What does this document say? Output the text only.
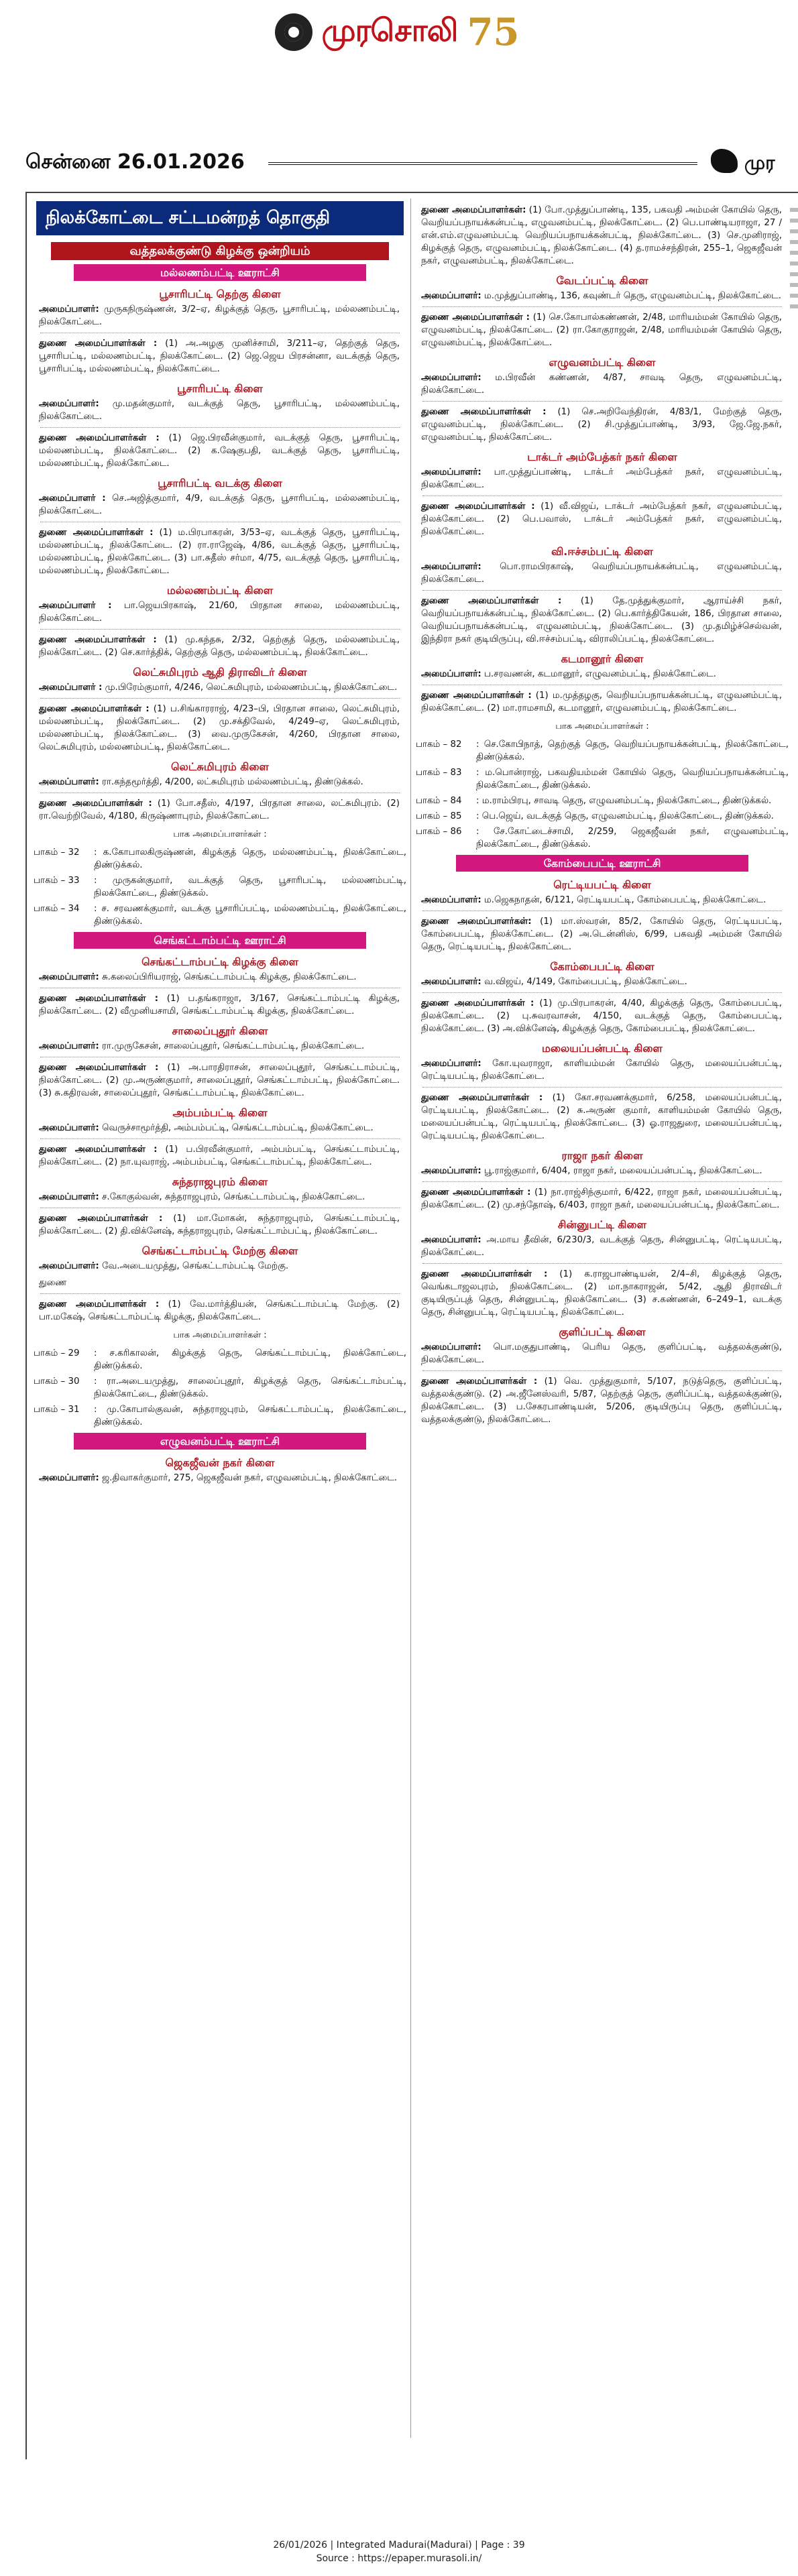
முரசொலி 75
சென்னை 26.01.2026	முர
நிலக்கோட்டை சட்டமன்றத் தொகுதி
வத்தலக்குண்டு கிழக்கு ஒன்றியம்
மல்லணம்பட்டி ஊராட்சி
பூசாரிபட்டி தெற்கு கிளை
அமைப்பாளர்: முருகநிருஷ்ணன், 3/2–ஏ, கிழக்குத் தெரு, பூசாரிபட்டி, மல்லணம்பட்டி, நிலக்கோட்டை.
துணை அமைப்பாளர்கள் : (1) அ.அழகு முனிச்சாமி, 3/211–ஏ, தெற்குத் தெரு, பூசாரிபட்டி, மல்லணம்பட்டி, நிலக்கோட்டை. (2) ஜெ.ஜெய பிரசன்னா, வடக்குத் தெரு, பூசாரிபட்டி, மல்லணம்பட்டி, நிலக்கோட்டை.
பூசாரிபட்டி கிளை
அமைப்பாளர்: மு.மதன்குமார், வடக்குத் தெரு, பூசாரிபட்டி, மல்லணம்பட்டி, நிலக்கோட்டை.
துணை அமைப்பாளர்கள் : (1) ஜெ.பிரவீன்குமார், வடக்குத் தெரு, பூசாரிபட்டி, மல்லணம்பட்டி, நிலக்கோட்டை. (2) க.ஷேகுபதி, வடக்குத் தெரு, பூசாரிபட்டி, மல்லணம்பட்டி, நிலக்கோட்டை.
பூசாரிபட்டி வடக்கு கிளை
அமைப்பாளர் : செ.அஜித்குமார், 4/9, வடக்குத் தெரு, பூசாரிபட்டி, மல்லணம்பட்டி, நிலக்கோட்டை.
துணை அமைப்பாளர்கள் : (1) ம.பிரபாகரன், 3/53–ஏ, வடக்குத் தெரு, பூசாரிபட்டி, மல்லணம்பட்டி, நிலக்கோட்டை. (2) ரா.ராஜேஷ், 4/86, வடக்குத் தெரு, பூசாரிபட்டி, மல்லணம்பட்டி, நிலக்கோட்டை. (3) பா.சுதீஸ் சர்மா, 4/75, வடக்குத் தெரு, பூசாரிபட்டி, மல்லணம்பட்டி, நிலக்கோட்டை.
மல்லணம்பட்டி கிளை
அமைப்பாளர் : பா.ஜெயபிரகாஷ், 21/60, பிரதான சாலை, மல்லணம்பட்டி, நிலக்கோட்டை.
துணை அமைப்பாளர்கள் : (1) மு.கந்தசு, 2/32, தெற்குத் தெரு, மல்லணம்பட்டி, நிலக்கோட்டை. (2) செ.கார்த்திக், தெற்குத் தெரு, மல்லணம்பட்டி, நிலக்கோட்டை.
லெட்சுமிபுரம் ஆதி திராவிடர் கிளை
அமைப்பாளர் : மு.பிரேம்குமார், 4/246, லெட்சுமிபுரம், மல்லணம்பட்டி, நிலக்கோட்டை.
துணை அமைப்பாளர்கள் : (1) ப.சிங்காரராஜ், 4/23–பி, பிரதான சாலை, லெட்சுமிபுரம், மல்லணம்பட்டி, நிலக்கோட்டை. (2) மு.சக்திவேல், 4/249–ஏ, லெட்சுமிபுரம், மல்லணம்பட்டி, நிலக்கோட்டை. (3) வை.முருகேசன், 4/260, பிரதான சாலை, லெட்சுமிபுரம், மல்லணம்பட்டி, நிலக்கோட்டை.
லெட்சுமிபுரம் கிளை
அமைப்பாளர்: ரா.கந்தமூர்த்தி, 4/200, லட்சுமிபுரம் மல்லணம்பட்டி, திண்டுக்கல்.
துணை அமைப்பாளர்கள் : (1) போ.சதீஸ், 4/197, பிரதான சாலை, லட்சுமிபுரம். (2) ரா.வெற்றிவேல், 4/180, கிருஷ்ணாபுரம், நிலக்கோட்டை.
பாக அமைப்பாளர்கள் :
பாகம் – 32	: க.கோபாலகிருஷ்ணன், கிழக்குத் தெரு, மல்லணம்பட்டி, நிலக்கோட்டை, திண்டுக்கல்.
பாகம் – 33	: முருகன்குமார், வடக்குத் தெரு, பூசாரிபட்டி, மல்லணம்பட்டி, நிலக்கோட்டை, திண்டுக்கல்.
பாகம் – 34	: ச. சரவணக்குமார், வடக்கு பூசாரிப்பட்டி, மல்லணம்பட்டி, நிலக்கோட்டை, திண்டுக்கல்.
செங்கட்டாம்பட்டி ஊராட்சி
செங்கட்டாம்பட்டி கிழக்கு கிளை
அமைப்பாளர்: சு.கலைப்பிரியராஜ், செங்கட்டாம்பட்டி கிழக்கு, நிலக்கோட்டை.
துணை அமைப்பாளர்கள் : (1) ப.தங்கராஜா, 3/167, செங்கட்டாம்பட்டி கிழக்கு, நிலக்கோட்டை. (2) வீமுனியசாமி, செங்கட்டாம்பட்டி கிழக்கு, நிலக்கோட்டை.
சாலைப்புதூர் கிளை
அமைப்பாளர்: ரா.முருகேசன், சாலைப்புதூர், செங்கட்டாம்பட்டி, நிலக்கோட்டை.
துணை அமைப்பாளர்கள் : (1) அ.பாரதிராசன், சாலைப்புதூர், செங்கட்டாம்பட்டி, நிலக்கோட்டை. (2) மு.அருண்குமார், சாலைப்புதூர், செங்கட்டாம்பட்டி, நிலக்கோட்டை. (3) சு.கதிரவன், சாலைப்புதூர், செங்கட்டாம்பட்டி, நிலக்கோட்டை.
அம்பம்பட்டி கிளை
அமைப்பாளர்: வெருச்சாமூர்த்தி, அம்பம்பட்டி, செங்கட்டாம்பட்டி, நிலக்கோட்டை.
துணை அமைப்பாளர்கள் : (1) ப.பிரவீன்குமார், அம்பம்பட்டி, செங்கட்டாம்பட்டி, நிலக்கோட்டை. (2) நா.யுவராஜ், அம்பம்பட்டி, செங்கட்டாம்பட்டி, நிலக்கோட்டை.
சுந்தராஜபுரம் கிளை
அமைப்பாளர்: ச.கோகுல்வன், சுந்தராஜபுரம், செங்கட்டாம்பட்டி, நிலக்கோட்டை.
துணை அமைப்பாளர்கள் : (1) மா.மோகன், சுந்தராஜபுரம், செங்கட்டாம்பட்டி, நிலக்கோட்டை. (2) தி.விக்னேஷ், சுந்தராஜபுரம், செங்கட்டாம்பட்டி, நிலக்கோட்டை.
செங்கட்டாம்பட்டி மேற்கு கிளை
அமைப்பாளர்: வே.அடையமுத்து, செங்கட்டாம்பட்டி மேற்கு.
துணை
துணை அமைப்பாளர்கள் : (1) வே.மார்த்தியன், செங்கட்டாம்பட்டி மேற்கு. (2) பா.மகேஷ், செங்கட்டாம்பட்டி கிழக்கு, நிலக்கோட்டை.
பாக அமைப்பாளர்கள் :
பாகம் – 29	: ச.கரிகாலன், கிழக்குத் தெரு, செங்கட்டாம்பட்டி, நிலக்கோட்டை, திண்டுக்கல்.
பாகம் – 30	: ரா.அடையமுத்து, சாலைப்புதூர், கிழக்குத் தெரு, செங்கட்டாம்பட்டி, நிலக்கோட்டை, திண்டுக்கல்.
பாகம் – 31	: மு.கோபால்குவன், சுந்தராஜபுரம், செங்கட்டாம்பட்டி, நிலக்கோட்டை, திண்டுக்கல்.
எழுவனம்பட்டி ஊராட்சி
ஜெகஜீவன் நகர் கிளை
அமைப்பாளர்: ஜ.திவாகர்குமார், 275, ஜெகஜீவன் நகர், எழுவனம்பட்டி, நிலக்கோட்டை.
துணை அமைப்பாளர்கள்: (1) போ.முத்துப்பாண்டி, 135, பகவதி அம்மன் கோயில் தெரு, வெறியப்பநாயக்கன்பட்டி, எழுவனம்பட்டி, நிலக்கோட்டை. (2) பெ.பாண்டியராஜா, 27 / என்.எம்.எழுவனம்பட்டி வெறியப்பநாயக்கன்பட்டி, நிலக்கோட்டை. (3) செ.முனிராஜ், கிழக்குத் தெரு, எழுவனம்பட்டி, நிலக்கோட்டை. (4) த.ராமச்சந்திரன், 255–1, ஜெகஜீவன் நகர், எழுவனம்பட்டி, நிலக்கோட்டை.
வேடப்பட்டி கிளை
அமைப்பாளர்: ம.முத்துப்பாண்டி, 136, கவுண்டர் தெரு, எழுவனம்பட்டி, நிலக்கோட்டை.
துணை அமைப்பாளர்கள் : (1) செ.கோபால்கண்ணன், 2/48, மாரியம்மன் கோயில் தெரு, எழுவனம்பட்டி, நிலக்கோட்டை. (2) ரா.கோகுராஜன், 2/48, மாரியம்மன் கோயில் தெரு, எழுவனம்பட்டி, நிலக்கோட்டை.
எழுவனம்பட்டி கிளை
அமைப்பாளர்: ம.பிரவீன் கண்ணன், 4/87, சாவடி தெரு, எழுவனம்பட்டி, நிலக்கோட்டை.
துணை அமைப்பாளர்கள் : (1) செ.அறிவேந்திரன், 4/83/1, மேற்குத் தெரு, எழுவனம்பட்டி, நிலக்கோட்டை. (2) சி.முத்துப்பாண்டி, 3/93, ஜே.ஜே.நகர், எழுவனம்பட்டி, நிலக்கோட்டை.
டாக்டர் அம்பேத்கர் நகர் கிளை
அமைப்பாளர்: பா.முத்துப்பாண்டி, டாக்டர் அம்பேத்கர் நகர், எழுவனம்பட்டி, நிலக்கோட்டை.
துணை அமைப்பாளர்கள் : (1) வீ.விஜய், டாக்டர் அம்பேத்கர் நகர், எழுவனம்பட்டி, நிலக்கோட்டை. (2) பெ.பவாஸ், டாக்டர் அம்பேத்கர் நகர், எழுவனம்பட்டி, நிலக்கோட்டை.
வி.ஈச்சம்பட்டி கிளை
அமைப்பாளர்: பொ.ராமபிரகாஷ், வெறியப்பநாயக்கன்பட்டி, எழுவனம்பட்டி, நிலக்கோட்டை.
துணை அமைப்பாளர்கள் : (1) தே.முத்துக்குமார், ஆராய்ச்சி நகர், வெறியப்பநாயக்கன்பட்டி, நிலக்கோட்டை. (2) பெ.கார்த்திகேயன், 186, பிரதான சாலை, வெறியப்பநாயக்கன்பட்டி, எழுவனம்பட்டி, நிலக்கோட்டை. (3) மு.தமிழ்ச்செல்வன், இந்திரா நகர் குடியிருப்பு, வி.ஈச்சம்பட்டி, விராலிப்பட்டி, நிலக்கோட்டை.
கடமானூர் கிளை
அமைப்பாளர்: ப.சரவணன், கடமானூர், எழுவனம்பட்டி, நிலக்கோட்டை.
துணை அமைப்பாளர்கள் : (1) ம.முத்தழகு, வெறியப்பநாயக்கன்பட்டி, எழுவனம்பட்டி, நிலக்கோட்டை. (2) மா.ராமசாமி, கடமானூர், எழுவனம்பட்டி, நிலக்கோட்டை.
பாக அமைப்பாளர்கள் :
பாகம் – 82	: செ.கோபிநாத், தெற்குத் தெரு, வெறியப்பநாயக்கன்பட்டி, நிலக்கோட்டை, திண்டுக்கல்.
பாகம் – 83	: ம.பொன்ராஜ், பகவதியம்மன் கோயில் தெரு, வெறியப்பநாயக்கன்பட்டி, நிலக்கோட்டை, திண்டுக்கல்.
பாகம் – 84	: ம.ராம்பிரபு, சாவடி தெரு, எழுவனம்பட்டி, நிலக்கோட்டை, திண்டுக்கல்.
பாகம் – 85	: பெ.ஜெய், வடக்குத் தெரு, எழுவனம்பட்டி, நிலக்கோட்டை, திண்டுக்கல்.
பாகம் – 86	: சே.கோட்டைச்சாமி, 2/259, ஜெகஜீவன் நகர், எழுவனம்பட்டி, நிலக்கோட்டை, திண்டுக்கல்.
கோம்பைபட்டி ஊராட்சி
ரெட்டியபட்டி கிளை
அமைப்பாளர்: ம.ஜெகநாதன், 6/121, ரெட்டியபட்டி, கோம்பைபட்டி, நிலக்கோட்டை.
துணை அமைப்பாளர்கள்: (1) மா.ஸ்வரன், 85/2, கோயில் தெரு, ரெட்டியபட்டி, கோம்பைபட்டி, நிலக்கோட்டை. (2) அ.டென்னிஸ், 6/99, பகவதி அம்மன் கோயில் தெரு, ரெட்டியபட்டி, நிலக்கோட்டை.
கோம்பைபட்டி கிளை
அமைப்பாளர்: வ.விஜய், 4/149, கோம்பைபட்டி, நிலக்கோட்டை.
துணை அமைப்பாளர்கள் : (1) மு.பிரபாகரன், 4/40, கிழக்குத் தெரு, கோம்பைபட்டி, நிலக்கோட்டை. (2) பு.சுவரவாசன், 4/150, வடக்குத் தெரு, கோம்பைபட்டி, நிலக்கோட்டை. (3) அ.விக்னேஷ், கிழக்குத் தெரு, கோம்பைபட்டி, நிலக்கோட்டை.
மலையப்பன்பட்டி கிளை
அமைப்பாளர்: கோ.யுவராஜா, காளியம்மன் கோயில் தெரு, மலையப்பன்பட்டி, ரெட்டியபட்டி, நிலக்கோட்டை.
துணை அமைப்பாளர்கள் : (1) கோ.சரவணக்குமார், 6/258, மலையப்பன்பட்டி, ரெட்டியபட்டி, நிலக்கோட்டை. (2) சு.அருண் குமார், காளியம்மன் கோயில் தெரு, மலையப்பன்பட்டி, ரெட்டியபட்டி, நிலக்கோட்டை. (3) ஓ.ராஜதுரை, மலையப்பன்பட்டி, ரெட்டியபட்டி, நிலக்கோட்டை.
ராஜா நகர் கிளை
அமைப்பாளர்: பூ.ராஜ்குமார், 6/404, ராஜா நகர், மலையப்பன்பட்டி, நிலக்கோட்டை.
துணை அமைப்பாளர்கள் : (1) நா.ராஜ்சிந்குமார், 6/422, ராஜா நகர், மலையப்பன்பட்டி, நிலக்கோட்டை. (2) மு.சந்தோஷ், 6/403, ராஜா நகர், மலையப்பன்பட்டி, நிலக்கோட்டை.
சின்னுபட்டி கிளை
அமைப்பாளர்: அ.மாய தீவின், 6/230/3, வடக்குத் தெரு, சின்னுபட்டி, ரெட்டியபட்டி, நிலக்கோட்டை.
துணை அமைப்பாளர்கள் : (1) க.ராஜபாண்டியன், 2/4–சி, கிழக்குத் தெரு, வெங்கடாஜலபுரம், நிலக்கோட்டை. (2) மா.நாகராஜன், 5/42, ஆதி திராவிடர் குடியிருப்புத் தெரு, சின்னுபட்டி, நிலக்கோட்டை. (3) ச.கண்ணன், 6–249–1, வடக்கு தெரு, சின்னுபட்டி, ரெட்டியபட்டி, நிலக்கோட்டை.
குளிப்பட்டி கிளை
அமைப்பாளர்: பொ.மகுதுபாண்டி, பெரிய தெரு, குளிப்பட்டி, வத்தலக்குண்டு, நிலக்கோட்டை.
துணை அமைப்பாளர்கள் : (1) வெ. முத்துகுமார், 5/107, நடுத்தெரு, குளிப்பட்டி, வத்தலக்குண்டு. (2) அ.ஜீனேஸ்வரி, 5/87, தெற்குத் தெரு, குளிப்பட்டி, வத்தலக்குண்டு, நிலக்கோட்டை. (3) ப.சேகரபாண்டியன், 5/206, குடியிருப்பு தெரு, குளிப்பட்டி, வத்தலக்குண்டு, நிலக்கோட்டை.
26/01/2026 | Integrated Madurai(Madurai) | Page : 39
Source : https://epaper.murasoli.in/
